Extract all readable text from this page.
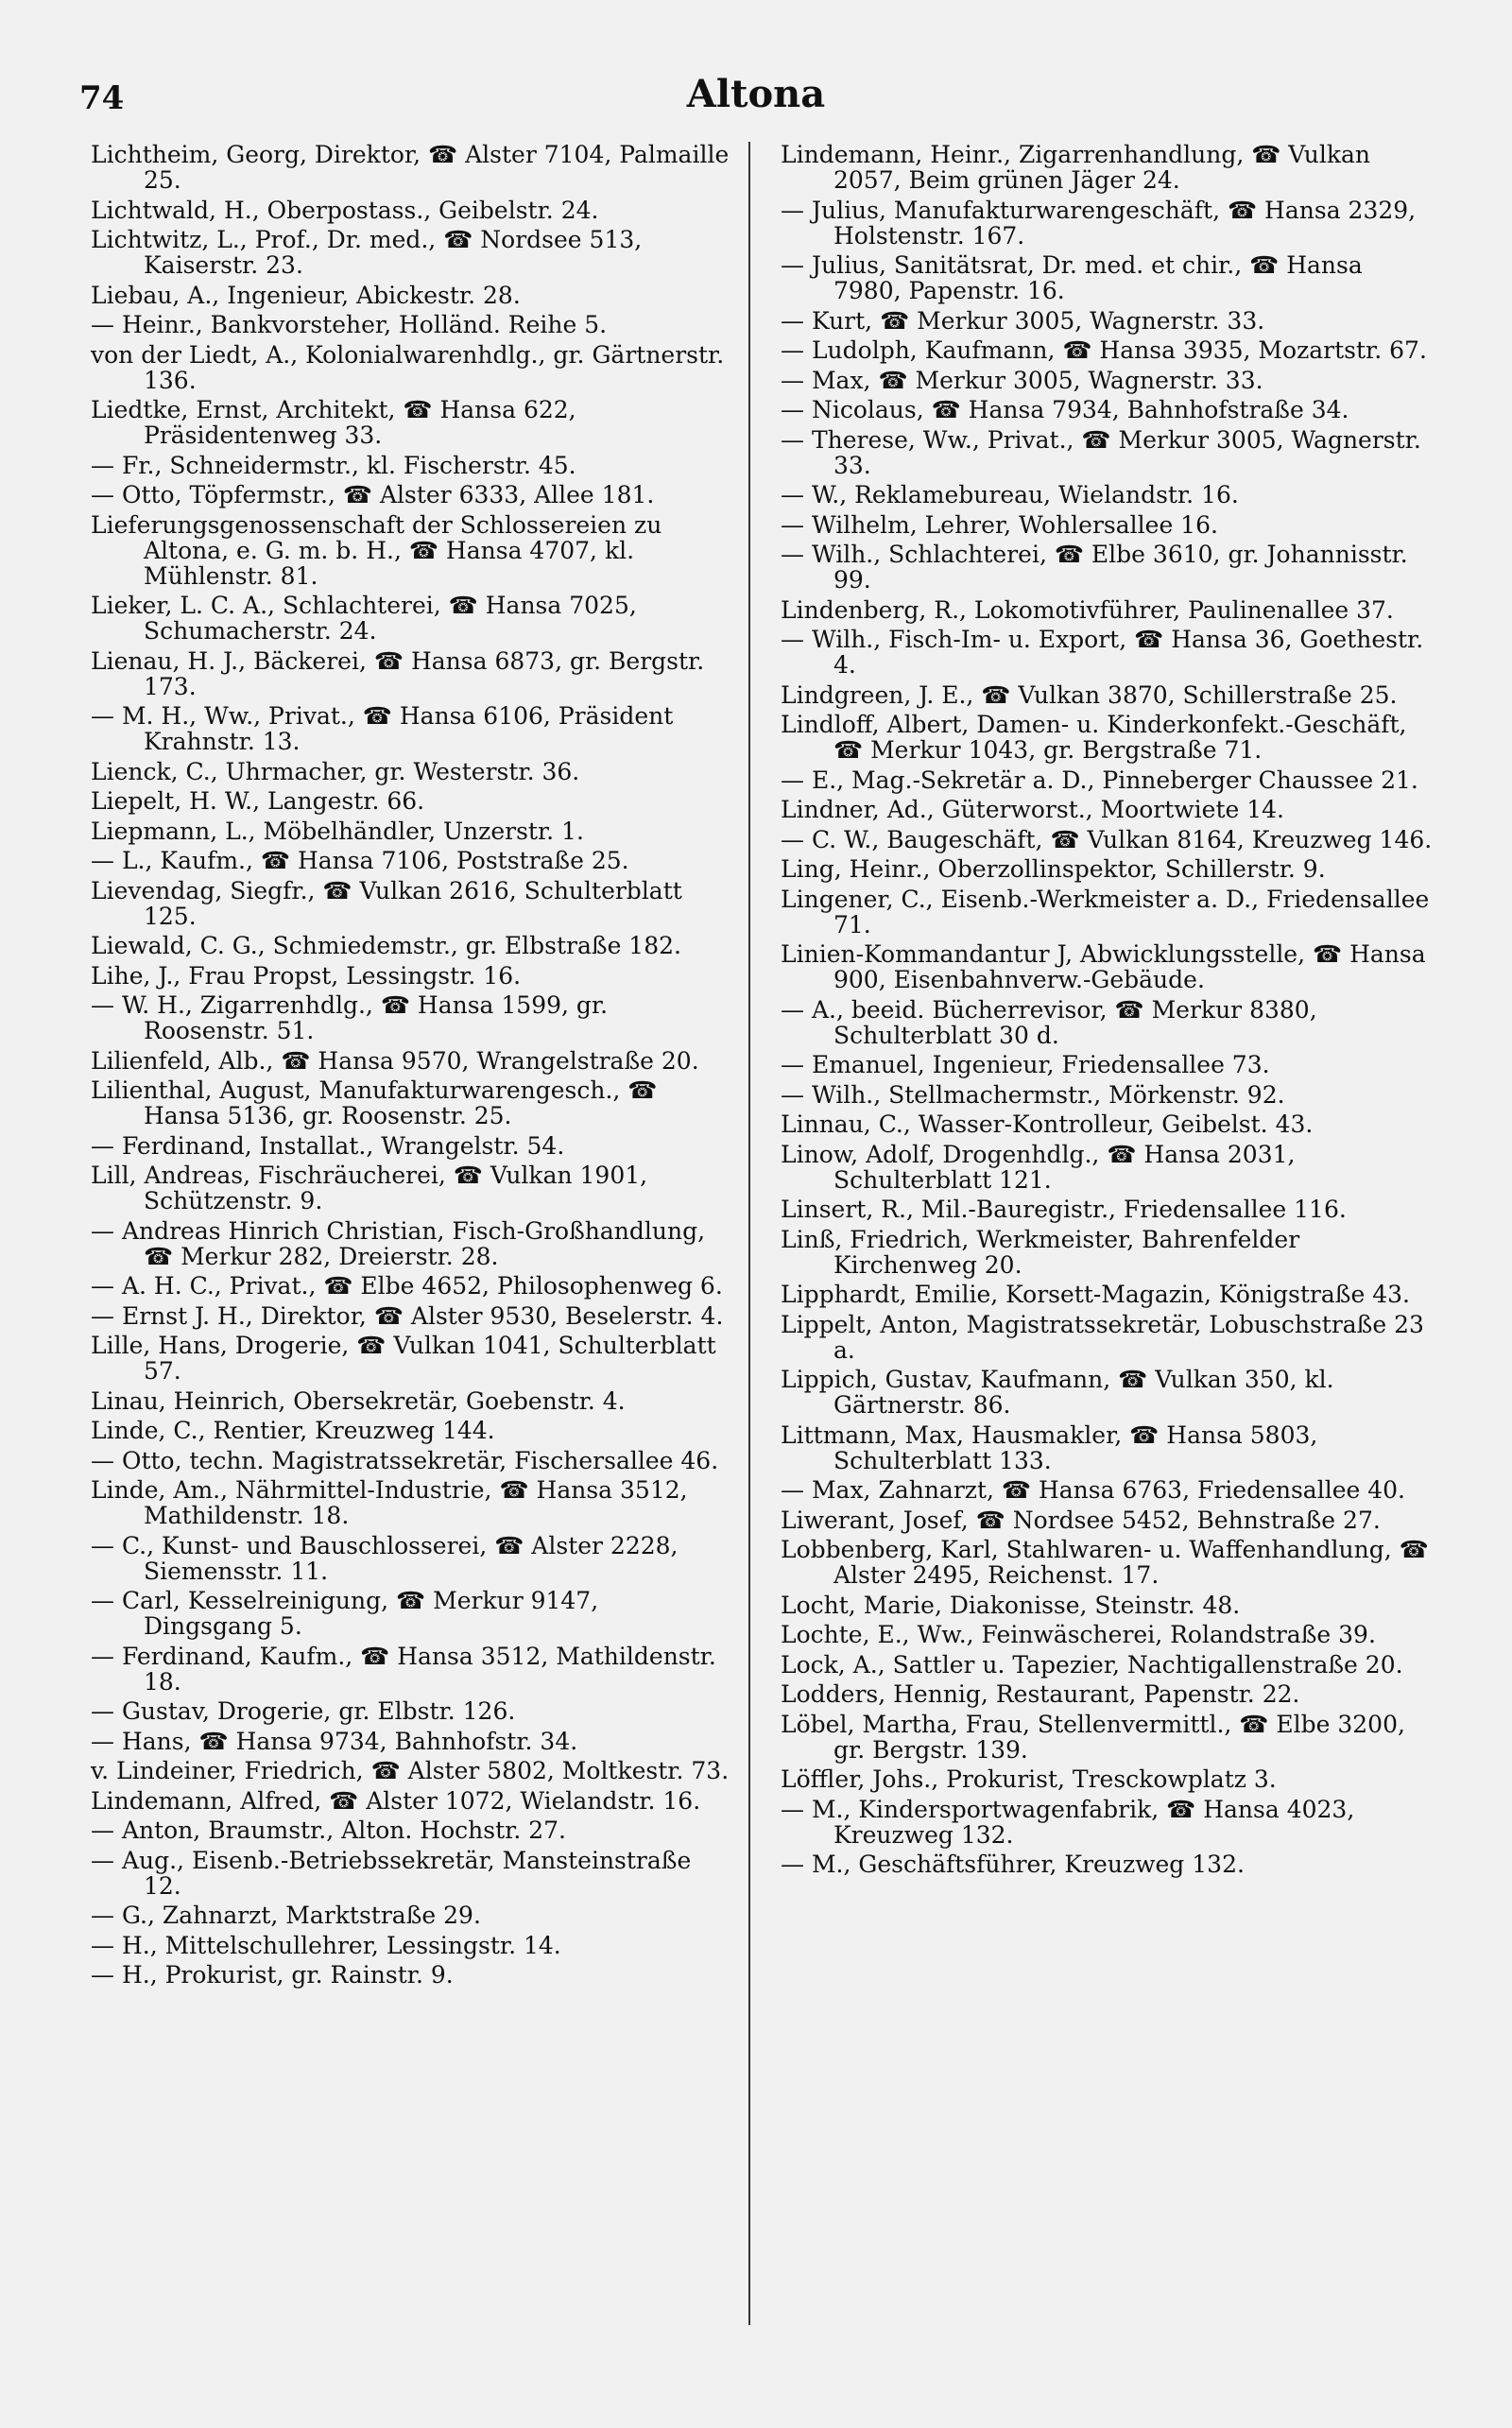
74	Altona

Lichtheim, Georg, Direktor, ☎ Alster 7104, Palmaille 25.

Lichtwald, H., Oberpostass., Geibelstr. 24.

Lichtwitz, L., Prof., Dr. med., ☎ Nordsee 513, Kaiserstr. 23.

Liebau, A., Ingenieur, Abickestr. 28.

— Heinr., Bankvorsteher, Holländ. Reihe 5.

von der Liedt, A., Kolonialwarenhdlg., gr. Gärtnerstr. 136.

Liedtke, Ernst, Architekt, ☎ Hansa 622, Präsidentenweg 33.

— Fr., Schneidermstr., kl. Fischerstr. 45.

— Otto, Töpfermstr., ☎ Alster 6333, Allee 181.

Lieferungsgenossenschaft der Schlossereien zu Altona, e. G. m. b. H., ☎ Hansa 4707, kl. Mühlenstr. 81.

Lieker, L. C. A., Schlachterei, ☎ Hansa 7025, Schumacherstr. 24.

Lienau, H. J., Bäckerei, ☎ Hansa 6873, gr. Bergstr. 173.

— M. H., Ww., Privat., ☎ Hansa 6106, Präsident Krahnstr. 13.

Lienck, C., Uhrmacher, gr. Westerstr. 36.

Liepelt, H. W., Langestr. 66.

Liepmann, L., Möbelhändler, Unzerstr. 1.

— L., Kaufm., ☎ Hansa 7106, Poststraße 25.

Lievendag, Siegfr., ☎ Vulkan 2616, Schulterblatt 125.

Liewald, C. G., Schmiedemstr., gr. Elbstraße 182.

Lihe, J., Frau Propst, Lessingstr. 16.

— W. H., Zigarrenhdlg., ☎ Hansa 1599, gr. Roosenstr. 51.

Lilienfeld, Alb., ☎ Hansa 9570, Wrangelstraße 20.

Lilienthal, August, Manufakturwarengesch., ☎ Hansa 5136, gr. Roosenstr. 25.

— Ferdinand, Installat., Wrangelstr. 54.

Lill, Andreas, Fischräucherei, ☎ Vulkan 1901, Schützenstr. 9.

— Andreas Hinrich Christian, Fisch-Großhandlung, ☎ Merkur 282, Dreierstr. 28.

— A. H. C., Privat., ☎ Elbe 4652, Philosophenweg 6.

— Ernst J. H., Direktor, ☎ Alster 9530, Beselerstr. 4.

Lille, Hans, Drogerie, ☎ Vulkan 1041, Schulterblatt 57.

Linau, Heinrich, Obersekretär, Goebenstr. 4.

Linde, C., Rentier, Kreuzweg 144.

— Otto, techn. Magistratssekretär, Fischersallee 46.

Linde, Am., Nährmittel-Industrie, ☎ Hansa 3512, Mathildenstr. 18.

— C., Kunst- und Bauschlosserei, ☎ Alster 2228, Siemensstr. 11.

— Carl, Kesselreinigung, ☎ Merkur 9147, Dingsgang 5.

— Ferdinand, Kaufm., ☎ Hansa 3512, Mathildenstr. 18.

— Gustav, Drogerie, gr. Elbstr. 126.

— Hans, ☎ Hansa 9734, Bahnhofstr. 34.

v. Lindeiner, Friedrich, ☎ Alster 5802, Moltkestr. 73.

Lindemann, Alfred, ☎ Alster 1072, Wielandstr. 16.

— Anton, Braumstr., Alton. Hochstr. 27.

— Aug., Eisenb.-Betriebssekretär, Mansteinstraße 12.

— G., Zahnarzt, Marktstraße 29.

— H., Mittelschullehrer, Lessingstr. 14.

— H., Prokurist, gr. Rainstr. 9.

Lindemann, Heinr., Zigarrenhandlung, ☎ Vulkan 2057, Beim grünen Jäger 24.

— Julius, Manufakturwarengeschäft, ☎ Hansa 2329, Holstenstr. 167.

— Julius, Sanitätsrat, Dr. med. et chir., ☎ Hansa 7980, Papenstr. 16.

— Kurt, ☎ Merkur 3005, Wagnerstr. 33.

— Ludolph, Kaufmann, ☎ Hansa 3935, Mozartstr. 67.

— Max, ☎ Merkur 3005, Wagnerstr. 33.

— Nicolaus, ☎ Hansa 7934, Bahnhofstraße 34.

— Therese, Ww., Privat., ☎ Merkur 3005, Wagnerstr. 33.

— W., Reklamebureau, Wielandstr. 16.

— Wilhelm, Lehrer, Wohlersallee 16.

— Wilh., Schlachterei, ☎ Elbe 3610, gr. Johannisstr. 99.

Lindenberg, R., Lokomotivführer, Paulinenallee 37.

— Wilh., Fisch-Im- u. Export, ☎ Hansa 36, Goethestr. 4.

Lindgreen, J. E., ☎ Vulkan 3870, Schillerstraße 25.

Lindloff, Albert, Damen- u. Kinderkonfekt.-Geschäft, ☎ Merkur 1043, gr. Bergstraße 71.

— E., Mag.-Sekretär a. D., Pinneberger Chaussee 21.

Lindner, Ad., Güterworst., Moortwiete 14.

— C. W., Baugeschäft, ☎ Vulkan 8164, Kreuzweg 146.

Ling, Heinr., Oberzollinspektor, Schillerstr. 9.

Lingener, C., Eisenb.-Werkmeister a. D., Friedensallee 71.

Linien-Kommandantur J, Abwicklungsstelle, ☎ Hansa 900, Eisenbahnverw.-Gebäude.

— A., beeid. Bücherrevisor, ☎ Merkur 8380, Schulterblatt 30 d.

— Emanuel, Ingenieur, Friedensallee 73.

— Wilh., Stellmachermstr., Mörkenstr. 92.

Linnau, C., Wasser-Kontrolleur, Geibelst. 43.

Linow, Adolf, Drogenhdlg., ☎ Hansa 2031, Schulterblatt 121.

Linsert, R., Mil.-Bauregistr., Friedensallee 116.

Linß, Friedrich, Werkmeister, Bahrenfelder Kirchenweg 20.

Lipphardt, Emilie, Korsett-Magazin, Königstraße 43.

Lippelt, Anton, Magistratssekretär, Lobuschstraße 23 a.

Lippich, Gustav, Kaufmann, ☎ Vulkan 350, kl. Gärtnerstr. 86.

Littmann, Max, Hausmakler, ☎ Hansa 5803, Schulterblatt 133.

— Max, Zahnarzt, ☎ Hansa 6763, Friedensallee 40.

Liwerant, Josef, ☎ Nordsee 5452, Behnstraße 27.

Lobbenberg, Karl, Stahlwaren- u. Waffenhandlung, ☎ Alster 2495, Reichenst. 17.

Locht, Marie, Diakonisse, Steinstr. 48.

Lochte, E., Ww., Feinwäscherei, Rolandstraße 39.

Lock, A., Sattler u. Tapezier, Nachtigallenstraße 20.

Lodders, Hennig, Restaurant, Papenstr. 22.

Löbel, Martha, Frau, Stellenvermittl., ☎ Elbe 3200, gr. Bergstr. 139.

Löffler, Johs., Prokurist, Tresckowplatz 3.

— M., Kindersportwagenfabrik, ☎ Hansa 4023, Kreuzweg 132.

— M., Geschäftsführer, Kreuzweg 132.
